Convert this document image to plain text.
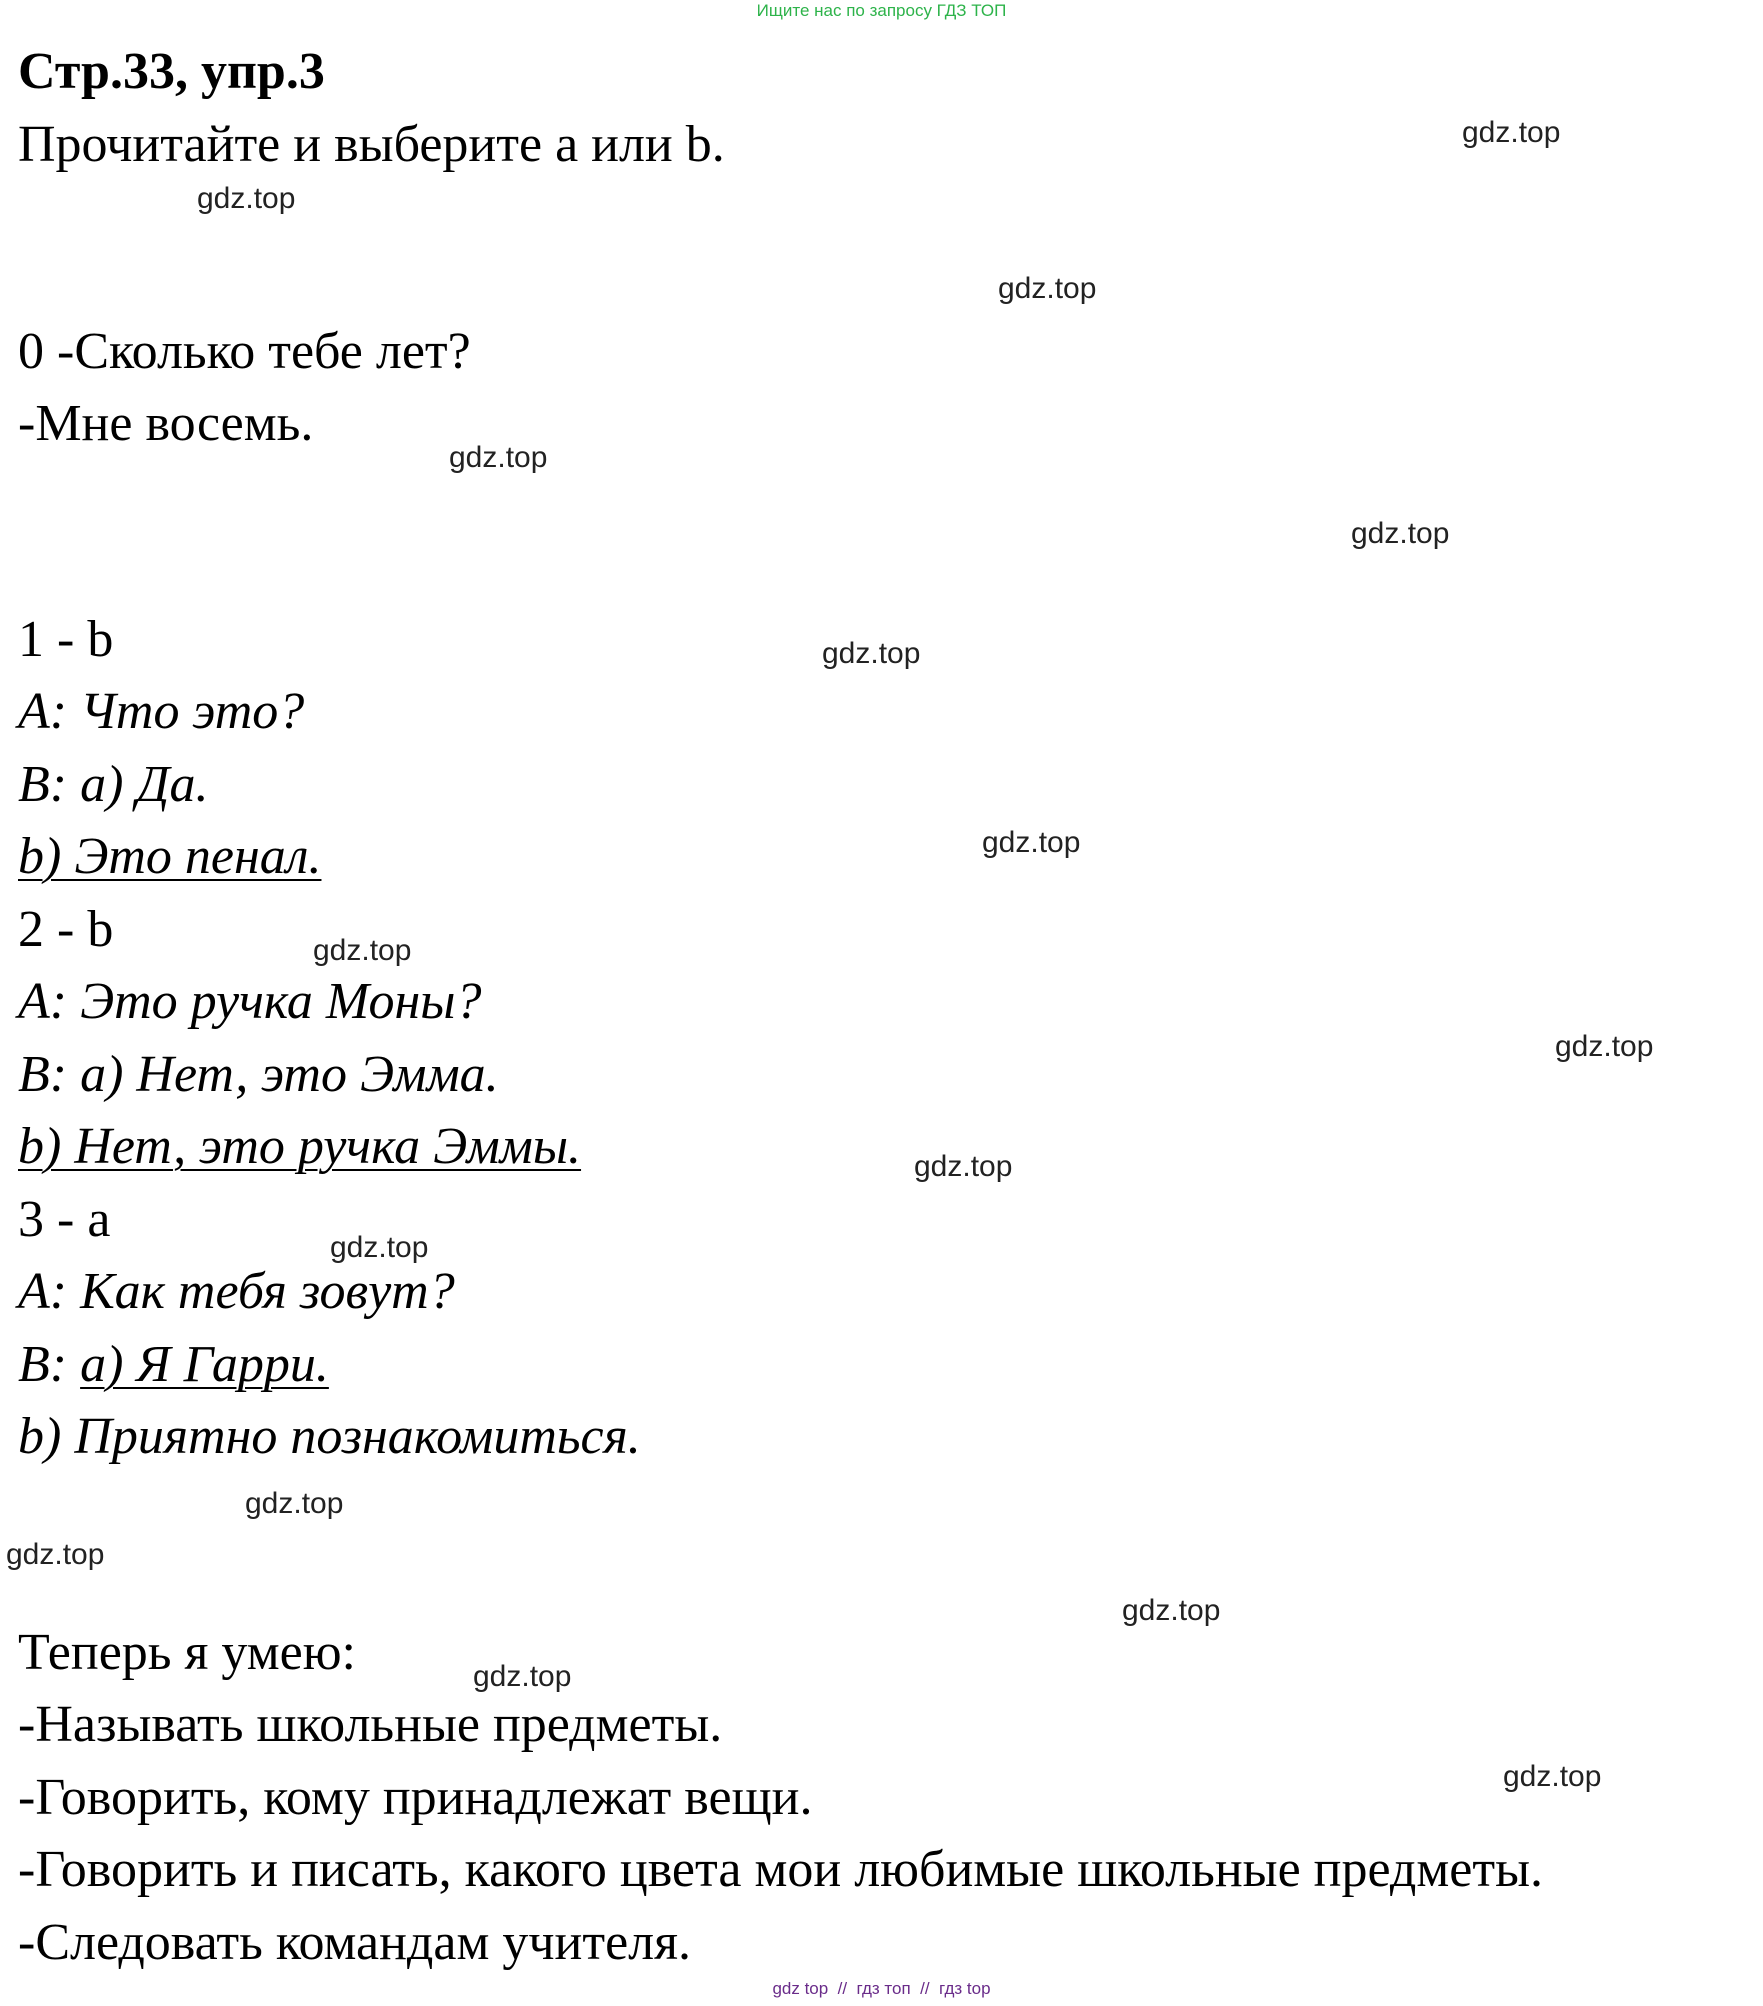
Ищите нас по запросу ГДЗ ТОП
Стр.33, упр.3
Прочитайте и выберите a или b.
0 -Сколько тебе лет?
-Мне восемь.
1 - b
A: Что это?
B: a) Да.
b) Это пенал.
2 - b
A: Это ручка Моны?
B: a) Нет, это Эмма.
b) Нет, это ручка Эммы.
3 - a
A: Как тебя зовут?
B: a) Я Гарри.
b) Приятно познакомиться.
Теперь я умею:
-Называть школьные предметы.
-Говорить, кому принадлежат вещи.
-Говорить и писать, какого цвета мои любимые школьные предметы.
-Следовать командам учителя.
gdz.top
gdz.top
gdz.top
gdz.top
gdz.top
gdz.top
gdz.top
gdz.top
gdz.top
gdz.top
gdz.top
gdz.top
gdz.top
gdz.top
gdz.top
gdz.top
gdz top  //  гдз топ  //  гдз top
